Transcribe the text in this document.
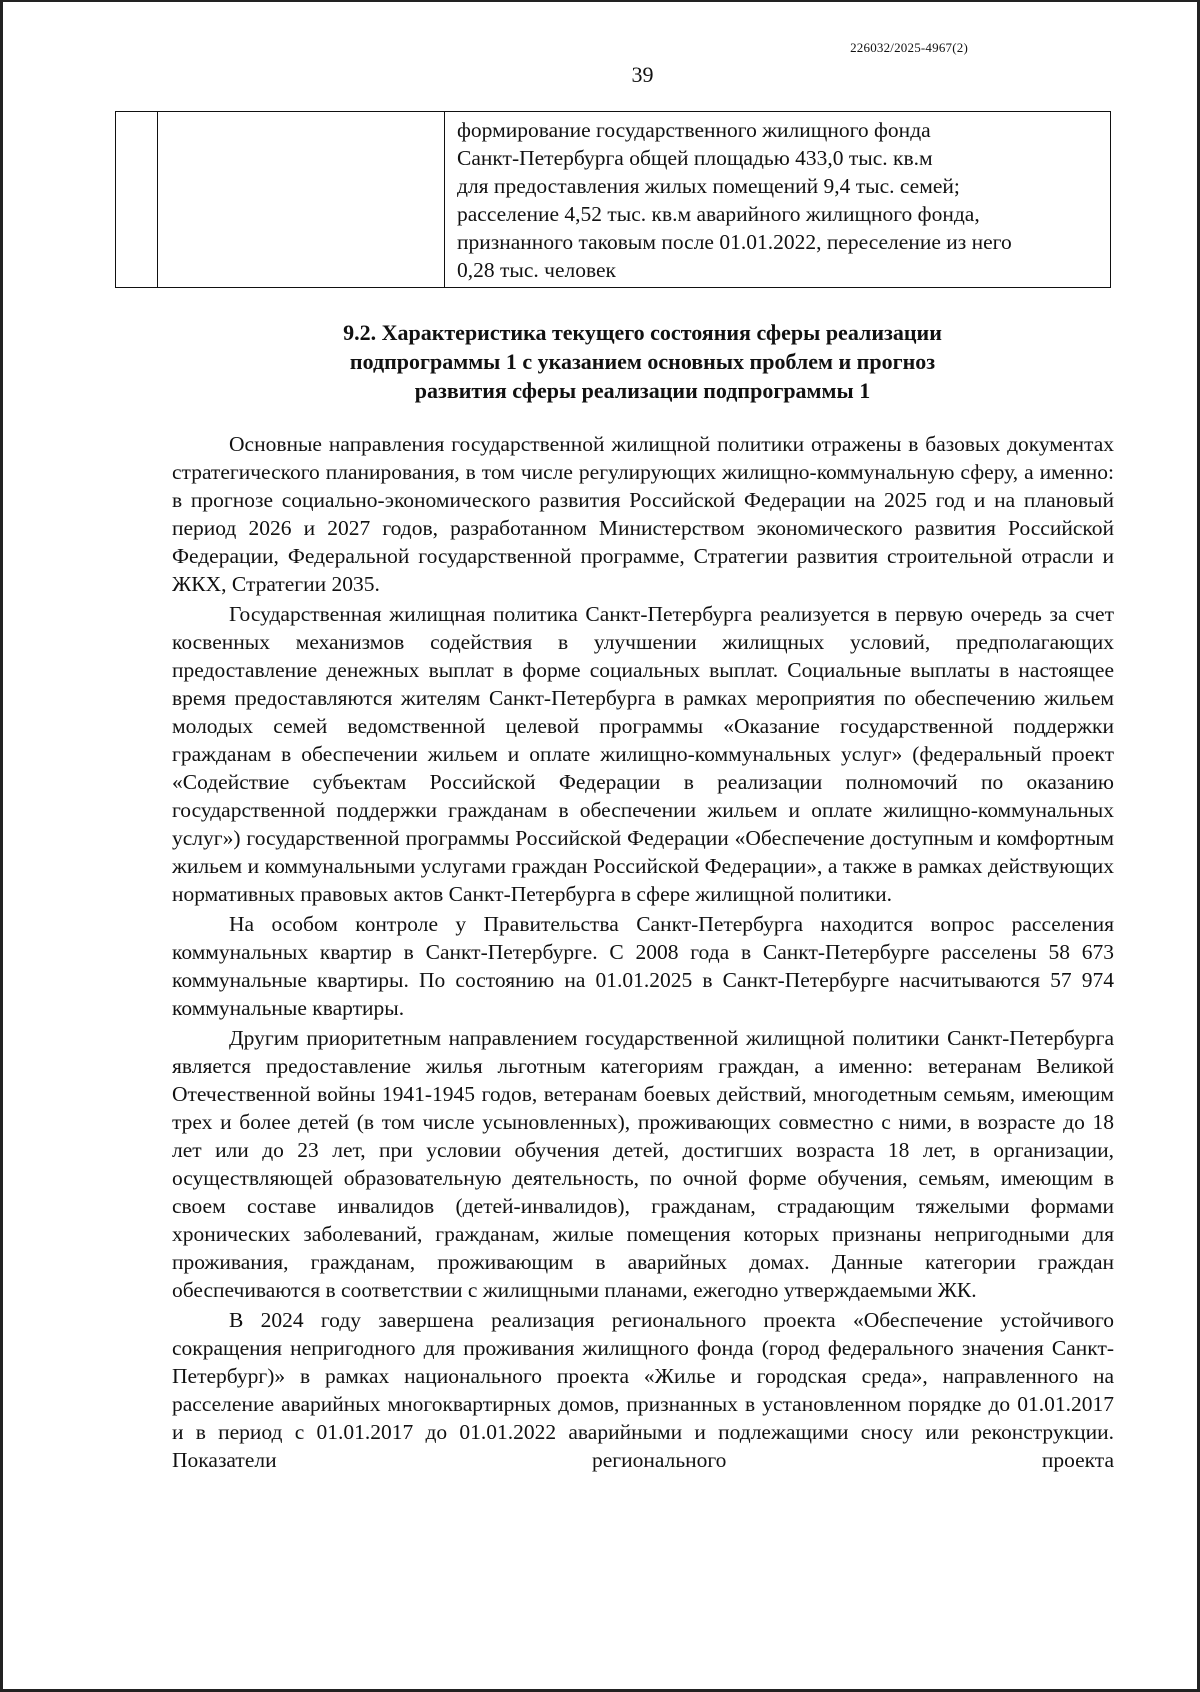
226032/2025-4967(2)
39

формирование государственного жилищного фонда
Санкт-Петербурга общей площадью 433,0 тыс. кв.м
для предоставления жилых помещений 9,4 тыс. семей;
расселение 4,52 тыс. кв.м аварийного жилищного фонда,
признанного таковым после 01.01.2022, переселение из него
0,28 тыс. человек
9.2. Характеристика текущего состояния сферы реализации
подпрограммы 1 с указанием основных проблем и прогноз
развития сферы реализации подпрограммы 1

Основные направления государственной жилищной политики отражены в базовых документах стратегического планирования, в том числе регулирующих жилищно-коммунальную сферу, а именно: в прогнозе социально-экономического развития Российской Федерации на 2025 год и на плановый период 2026 и 2027 годов, разработанном Министерством экономического развития Российской Федерации, Федеральной государственной программе, Стратегии развития строительной отрасли и ЖКХ, Стратегии 2035.

Государственная жилищная политика Санкт-Петербурга реализуется в первую очередь за счет косвенных механизмов содействия в улучшении жилищных условий, предполагающих предоставление денежных выплат в форме социальных выплат. Социальные выплаты в настоящее время предоставляются жителям Санкт-Петербурга в рамках мероприятия по обеспечению жильем молодых семей ведомственной целевой программы «Оказание государственной поддержки гражданам в обеспечении жильем и оплате жилищно-коммунальных услуг» (федеральный проект «Содействие субъектам Российской Федерации в реализации полномочий по оказанию государственной поддержки гражданам в обеспечении жильем и оплате жилищно-коммунальных услуг») государственной программы Российской Федерации «Обеспечение доступным и комфортным жильем и коммунальными услугами граждан Российской Федерации», а также в рамках действующих нормативных правовых актов Санкт-Петербурга в сфере жилищной политики.

На особом контроле у Правительства Санкт-Петербурга находится вопрос расселения коммунальных квартир в Санкт-Петербурге. С 2008 года в Санкт-Петербурге расселены 58 673 коммунальные квартиры. По состоянию на 01.01.2025 в Санкт-Петербурге насчитываются 57 974 коммунальные квартиры.

Другим приоритетным направлением государственной жилищной политики Санкт-Петербурга является предоставление жилья льготным категориям граждан, а именно: ветеранам Великой Отечественной войны 1941-1945 годов, ветеранам боевых действий, многодетным семьям, имеющим трех и более детей (в том числе усыновленных), проживающих совместно с ними, в возрасте до 18 лет или до 23 лет, при условии обучения детей, достигших возраста 18 лет, в организации, осуществляющей образовательную деятельность, по очной форме обучения, семьям, имеющим в своем составе инвалидов (детей-инвалидов), гражданам, страдающим тяжелыми формами хронических заболеваний, гражданам, жилые помещения которых признаны непригодными для проживания, гражданам, проживающим в аварийных домах. Данные категории граждан обеспечиваются в соответствии с жилищными планами, ежегодно утверждаемыми ЖК.

В 2024 году завершена реализация регионального проекта «Обеспечение устойчивого сокращения непригодного для проживания жилищного фонда (город федерального значения Санкт-Петербург)» в рамках национального проекта «Жилье и городская среда», направленного на расселение аварийных многоквартирных домов, признанных в установленном порядке до 01.01.2017 и в период с 01.01.2017 до 01.01.2022 аварийными и подлежащими сносу или реконструкции. Показатели регионального проекта
